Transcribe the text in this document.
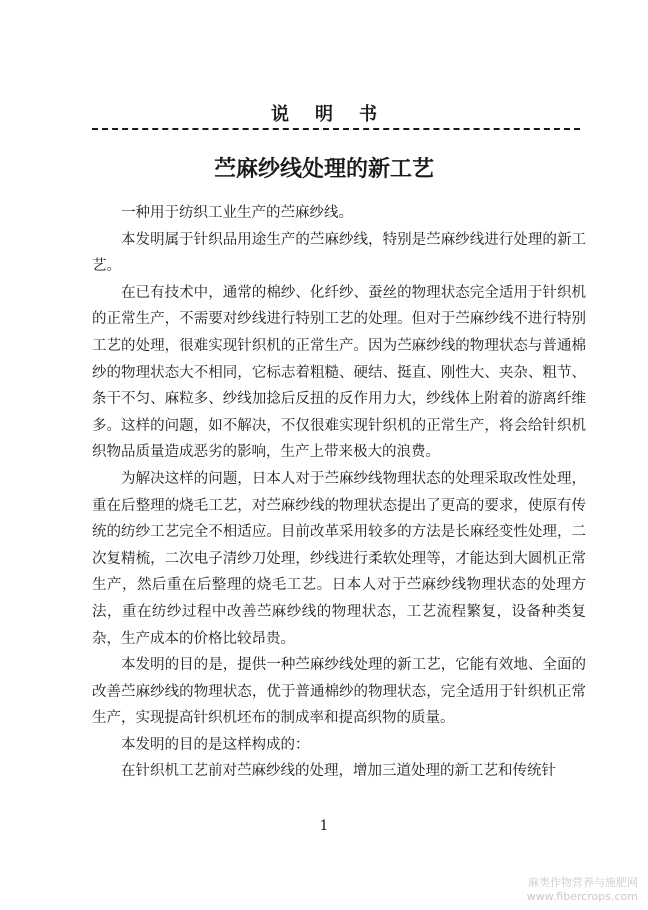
说明书
苎麻纱线处理的新工艺

一种用于纺织工业生产的苎麻纱线。

本发明属于针织品用途生产的苎麻纱线，特别是苎麻纱线进行处理的新工艺。

在已有技术中，通常的棉纱、化纤纱、蚕丝的物理状态完全适用于针织机的正常生产，不需要对纱线进行特别工艺的处理。但对于苎麻纱线不进行特别工艺的处理，很难实现针织机的正常生产。因为苎麻纱线的物理状态与普通棉纱的物理状态大不相同，它标志着粗糙、硬结、挺直、刚性大、夹杂、粗节、条干不匀、麻粒多、纱线加捻后反扭的反作用力大，纱线体上附着的游离纤维多。这样的问题，如不解决，不仅很难实现针织机的正常生产，将会给针织机织物品质量造成恶劣的影响，生产上带来极大的浪费。

为解决这样的问题，日本人对于苎麻纱线物理状态的处理采取改性处理，重在后整理的烧毛工艺，对苎麻纱线的物理状态提出了更高的要求，使原有传统的纺纱工艺完全不相适应。目前改革采用较多的方法是长麻经变性处理，二次复精梳，二次电子清纱刀处理，纱线进行柔软处理等，才能达到大圆机正常生产，然后重在后整理的烧毛工艺。日本人对于苎麻纱线物理状态的处理方法，重在纺纱过程中改善苎麻纱线的物理状态，工艺流程繁复，设备种类复杂，生产成本的价格比较昂贵。

本发明的目的是，提供一种苎麻纱线处理的新工艺，它能有效地、全面的改善苎麻纱线的物理状态，优于普通棉纱的物理状态，完全适用于针织机正常生产，实现提高针织机坯布的制成率和提高织物的质量。

本发明的目的是这样构成的：

在针织机工艺前对苎麻纱线的处理，增加三道处理的新工艺和传统针

1
麻类作物营养与施肥网
www.fibercrops.com
